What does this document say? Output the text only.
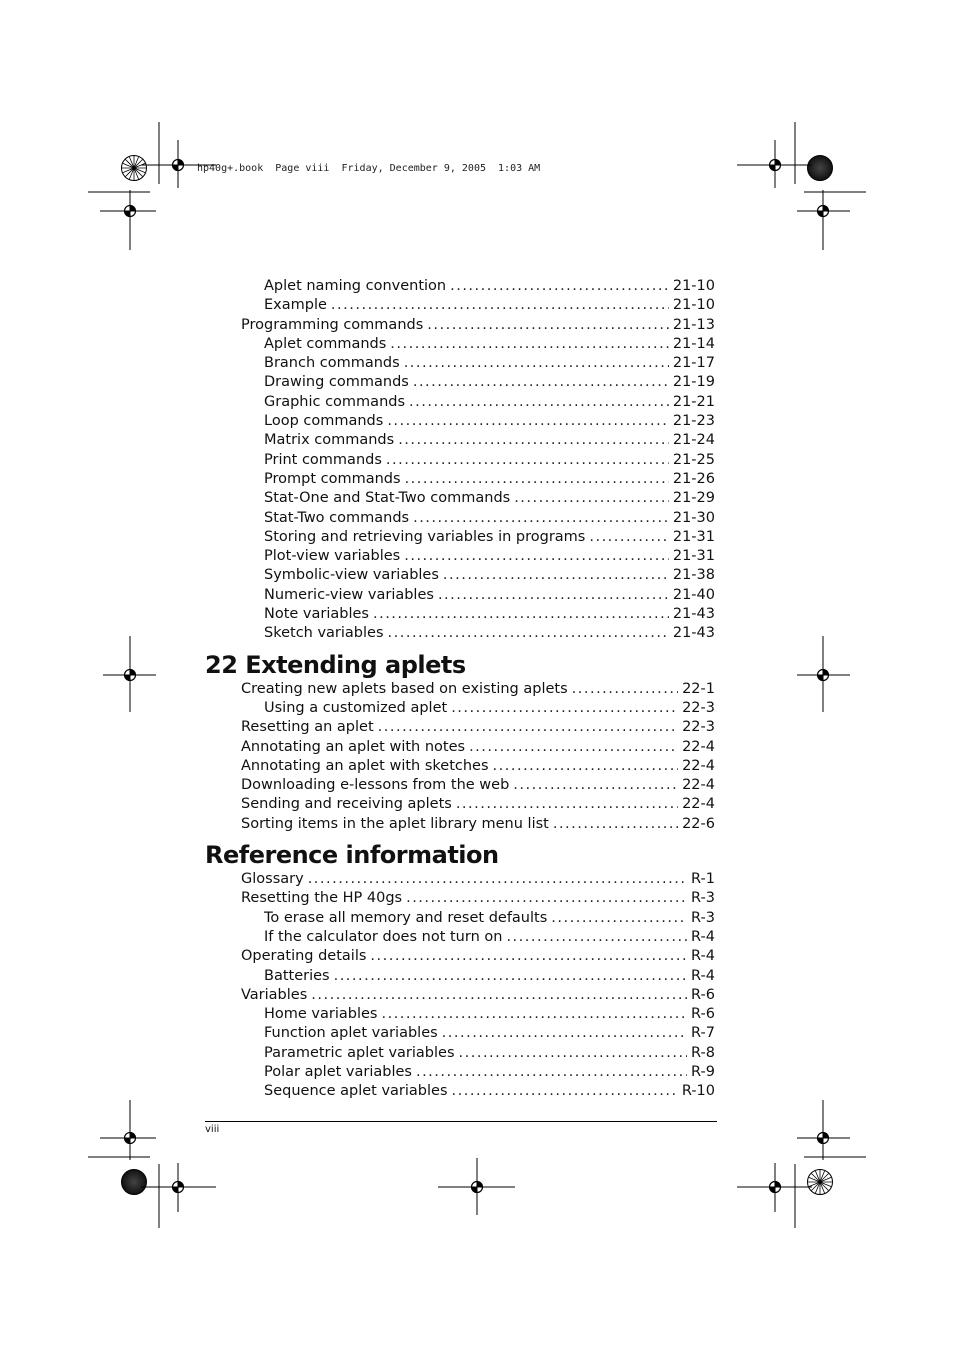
hp40g+.book  Page viii  Friday, December 9, 2005  1:03 AM
Aplet naming convention .....	21-10
Example .....	21-10
Programming commands .....	21-13
Aplet commands .....	21-14
Branch commands .....	21-17
Drawing commands .....	21-19
Graphic commands .....	21-21
Loop commands .....	21-23
Matrix commands .....	21-24
Print commands .....	21-25
Prompt commands .....	21-26
Stat-One and Stat-Two commands .....	21-29
Stat-Two commands .....	21-30
Storing and retrieving variables in programs .....	21-31
Plot-view variables .....	21-31
Symbolic-view variables .....	21-38
Numeric-view variables .....	21-40
Note variables .....	21-43
Sketch variables .....	21-43
22 Extending aplets
Creating new aplets based on existing aplets .....	22-1
Using a customized aplet .....	22-3
Resetting an aplet .....	22-3
Annotating an aplet with notes .....	22-4
Annotating an aplet with sketches .....	22-4
Downloading e-lessons from the web .....	22-4
Sending and receiving aplets .....	22-4
Sorting items in the aplet library menu list .....	22-6
Reference information
Glossary .....	R-1
Resetting the HP 40gs .....	R-3
To erase all memory and reset defaults .....	R-3
If the calculator does not turn on .....	R-4
Operating details .....	R-4
Batteries .....	R-4
Variables .....	R-6
Home variables .....	R-6
Function aplet variables .....	R-7
Parametric aplet variables .....	R-8
Polar aplet variables .....	R-9
Sequence aplet variables .....	R-10
viii
